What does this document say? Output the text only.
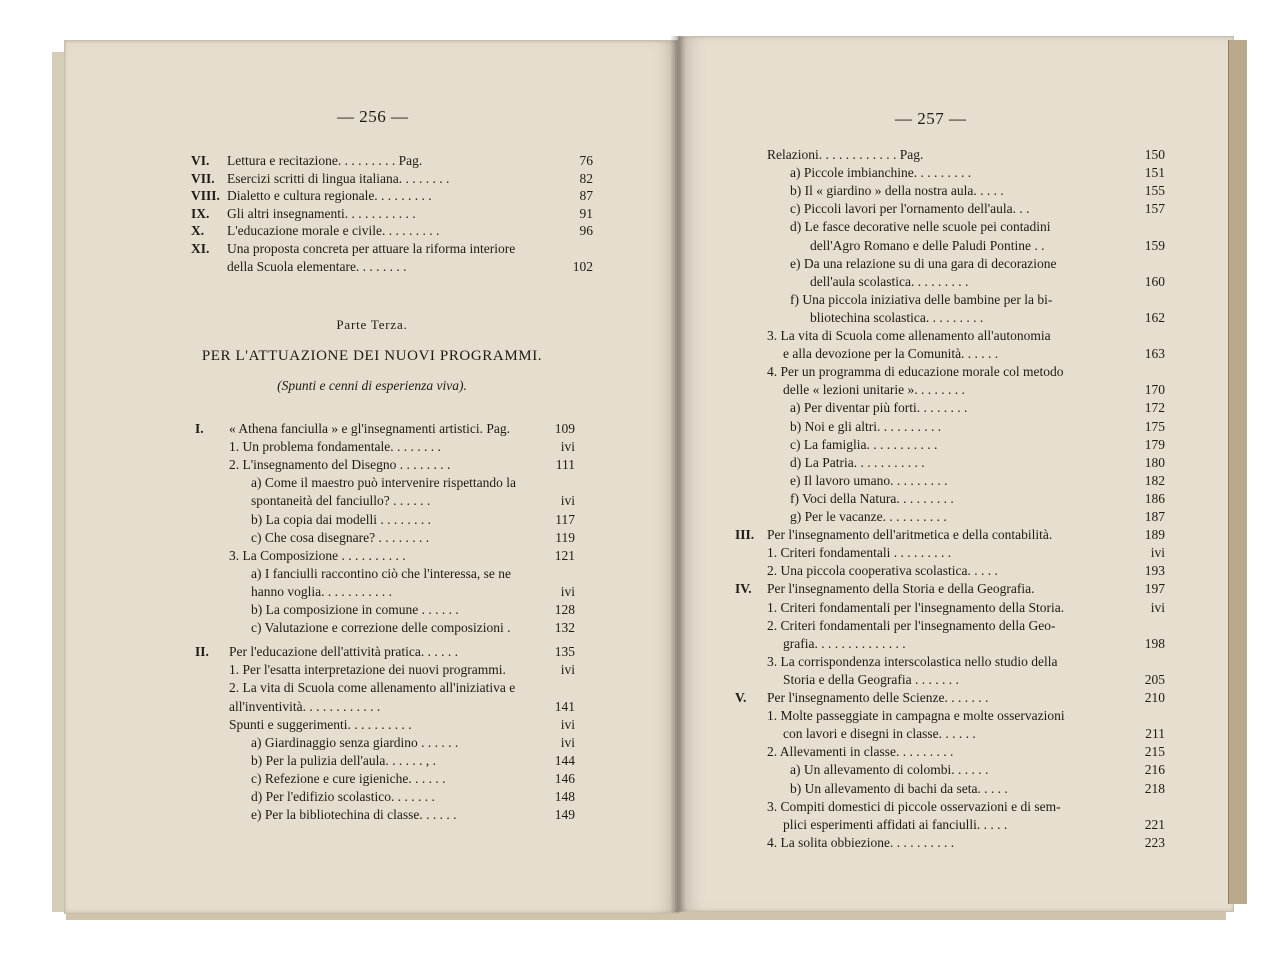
— 256 —
VI. Lettura e recitazione. . . . . . . . . Pag.	76
VII. Esercizi scritti di lingua italiana. . . . . . . .	82
VIII. Dialetto e cultura regionale. . . . . . . . .	87
IX. Gli altri insegnamenti. . . . . . . . . . .	91
X. L'educazione morale e civile. . . . . . . . .	96
XI. Una proposta concreta per attuare la riforma interiore
della Scuola elementare. . . . . . . .	102
Parte Terza.
PER L'ATTUAZIONE DEI NUOVI PROGRAMMI.
(Spunti e cenni di esperienza viva).
I. « Athena fanciulla » e gl'insegnamenti artistici. Pag.	109
1. Un problema fondamentale. . . . . . . .	ivi
2. L'insegnamento del Disegno . . . . . . . .	111
a) Come il maestro può intervenire rispettando la
spontaneità del fanciullo? . . . . . .	ivi
b) La copia dai modelli . . . . . . . .	117
c) Che cosa disegnare? . . . . . . . .	119
3. La Composizione . . . . . . . . . .	121
a) I fanciulli raccontino ciò che l'interessa, se ne
hanno voglia. . . . . . . . . . .	ivi
b) La composizione in comune . . . . . .	128
c) Valutazione e correzione delle composizioni .	132
II. Per l'educazione dell'attività pratica. . . . . .	135
1. Per l'esatta interpretazione dei nuovi programmi.	ivi
2. La vita di Scuola come allenamento all'iniziativa e
all'inventività. . . . . . . . . . . .	141
Spunti e suggerimenti. . . . . . . . . .	ivi
a) Giardinaggio senza giardino . . . . . .	ivi
b) Per la pulizia dell'aula. . . . . . , .	144
c) Refezione e cure igieniche. . . . . .	146
d) Per l'edifizio scolastico. . . . . . .	148
e) Per la bibliotechina di classe. . . . . .	149
— 257 —
Relazioni. . . . . . . . . . . . Pag.	150
a) Piccole imbianchine. . . . . . . . .	151
b) Il « giardino » della nostra aula. . . . .	155
c) Piccoli lavori per l'ornamento dell'aula. . .	157
d) Le fasce decorative nelle scuole pei contadini
dell'Agro Romano e delle Paludi Pontine . .	159
e) Da una relazione su di una gara di decorazione
dell'aula scolastica. . . . . . . . .	160
f) Una piccola iniziativa delle bambine per la bi-
bliotechina scolastica. . . . . . . . .	162
3. La vita di Scuola come allenamento all'autonomia
e alla devozione per la Comunità. . . . . .	163
4. Per un programma di educazione morale col metodo
delle « lezioni unitarie ». . . . . . . .	170
a) Per diventar più forti. . . . . . . .	172
b) Noi e gli altri. . . . . . . . . .	175
c) La famiglia. . . . . . . . . . .	179
d) La Patria. . . . . . . . . . .	180
e) Il lavoro umano. . . . . . . . .	182
f) Voci della Natura. . . . . . . . .	186
g) Per le vacanze. . . . . . . . . .	187
III. Per l'insegnamento dell'aritmetica e della contabilità.	189
1. Criteri fondamentali . . . . . . . . .	ivi
2. Una piccola cooperativa scolastica. . . . .	193
IV. Per l'insegnamento della Storia e della Geografia.	197
1. Criteri fondamentali per l'insegnamento della Storia.	ivi
2. Criteri fondamentali per l'insegnamento della Geo-
grafia. . . . . . . . . . . . . .	198
3. La corrispondenza interscolastica nello studio della
Storia e della Geografia . . . . . . .	205
V. Per l'insegnamento delle Scienze. . . . . . .	210
1. Molte passeggiate in campagna e molte osservazioni
con lavori e disegni in classe. . . . . .	211
2. Allevamenti in classe. . . . . . . . .	215
a) Un allevamento di colombi. . . . . .	216
b) Un allevamento di bachi da seta. . . . .	218
3. Compiti domestici di piccole osservazioni e di sem-
plici esperimenti affidati ai fanciulli. . . . .	221
4. La solita obbiezione. . . . . . . . . .	223
